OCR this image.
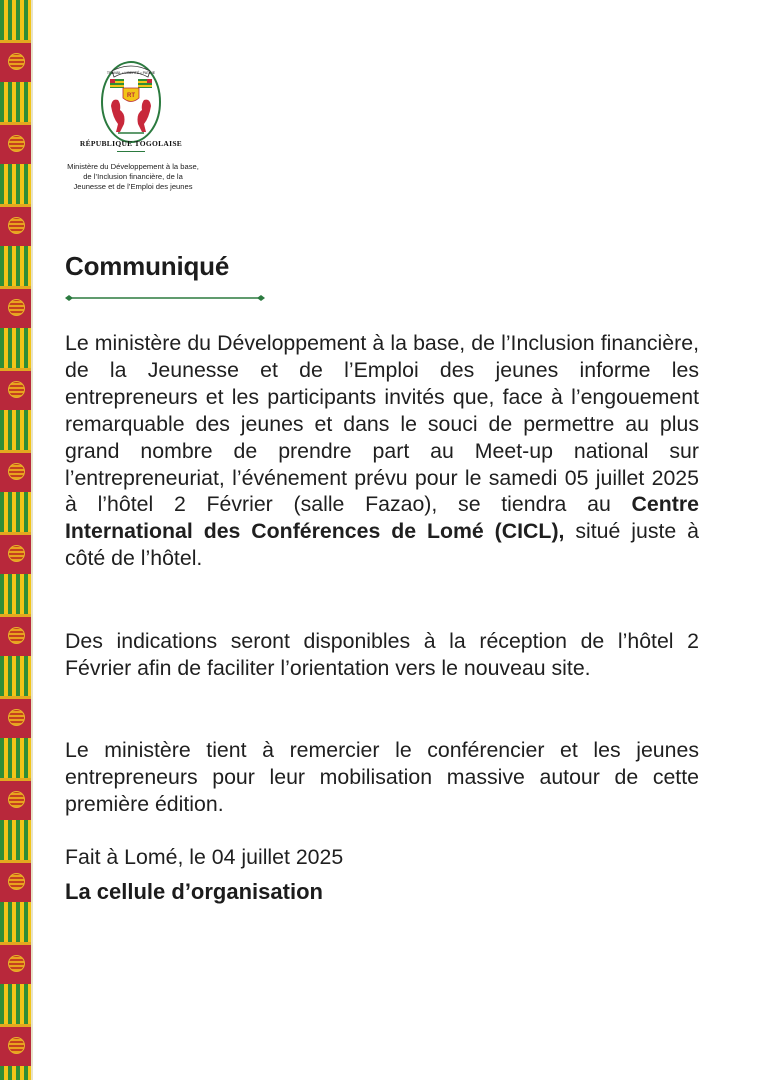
TRAVAIL • LIBERTÉ • PATRIE
RT
RÉPUBLIQUE TOGOLAISE
Ministère du Développement à la base,
de l’Inclusion financière, de la
Jeunesse et de l’Emploi des jeunes
Communiqué

Le ministère du Développement à la base, de l’Inclusion financière, de la Jeunesse et de l’Emploi des jeunes informe les entrepreneurs et les participants invités que, face à l’engouement remarquable des jeunes et dans le souci de permettre au plus grand nombre de prendre part au Meet-up national sur l’entrepreneuriat, l’événement prévu pour le samedi 05 juillet 2025 à l’hôtel 2 Février (salle Fazao), se tiendra au Centre International des Conférences de Lomé (CICL), situé juste à côté de l’hôtel.

Des indications seront disponibles à la réception de l’hôtel 2 Février afin de faciliter l’orientation vers le nouveau site.

Le ministère tient à remercier le conférencier et les jeunes entrepreneurs pour leur mobilisation massive autour de cette première édition.

Fait à Lomé, le 04 juillet 2025
La cellule d’organisation
